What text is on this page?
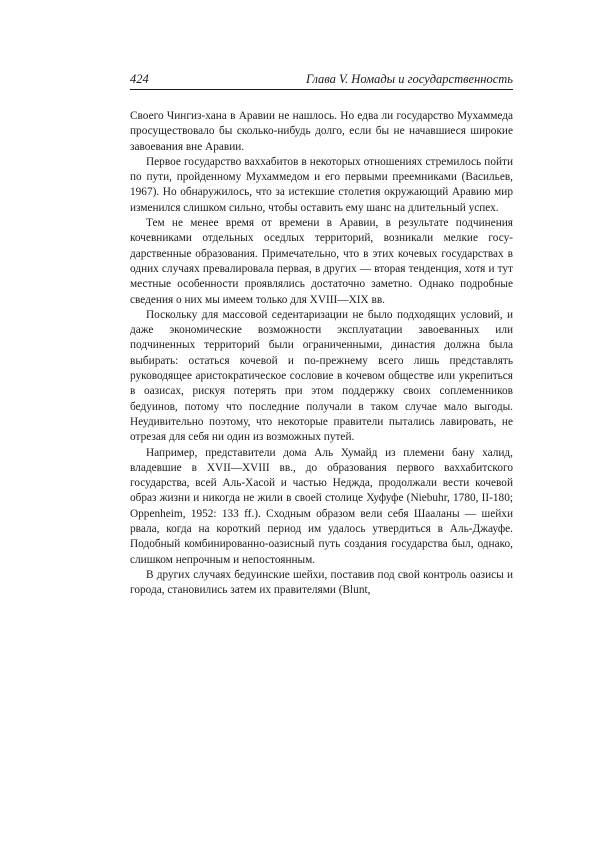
424	Глава V. Номады и государственность

Своего Чингиз-хана в Аравии не нашлось. Но едва ли государство Мухаммеда просуществовало бы сколько-нибудь долго, если бы не начавшиеся широкие завоевания вне Аравии.

Первое государство ваххабитов в некоторых отношениях стремилось пойти по пути, пройденному Мухаммедом и его первыми преемниками (Васильев, 1967). Но обнаружилось, что за истекшие столетия окружающий Аравию мир изменился слишком сильно, чтобы оставить ему шанс на длительный успех.

Тем не менее время от времени в Аравии, в результате подчинения кочевниками отдельных оседлых территорий, возникали мелкие государственные образования. Примечательно, что в этих кочевых государствах в одних случаях превалировала первая, в других — вторая тенденция, хотя и тут местные особенности проявлялись достаточно заметно. Однако подробные сведения о них мы имеем только для XVIII—XIX вв.

Поскольку для массовой седентаризации не было подходящих условий, и даже экономические возможности эксплуатации завоеванных или подчиненных территорий были ограниченными, династия должна была выбирать: остаться кочевой и по-прежнему всего лишь представлять руководящее аристократическое сословие в кочевом обществе или укрепиться в оазисах, рискуя потерять при этом поддержку своих соплеменников бедуинов, потому что последние получали в таком случае мало выгоды. Неудивительно поэтому, что некоторые правители пытались лавировать, не отрезая для себя ни один из возможных путей.

Например, представители дома Аль Хумайд из племени бану халид, владевшие в XVII—XVIII вв., до образования первого ваххабитского государства, всей Аль-Хасой и частью Неджда, продолжали вести кочевой образ жизни и никогда не жили в своей столице Хуфуфе (Niebuhr, 1780, II-180; Oppenheim, 1952: 133 ff.). Сходным образом вели себя Шааланы — шейхи рвала, когда на короткий период им удалось утвердиться в Аль-Джауфе. Подобный комбинированно-оазисный путь создания государства был, однако, слишком непрочным и непостоянным.

В других случаях бедуинские шейхи, поставив под свой контроль оазисы и города, становились затем их правителями (Blunt,
